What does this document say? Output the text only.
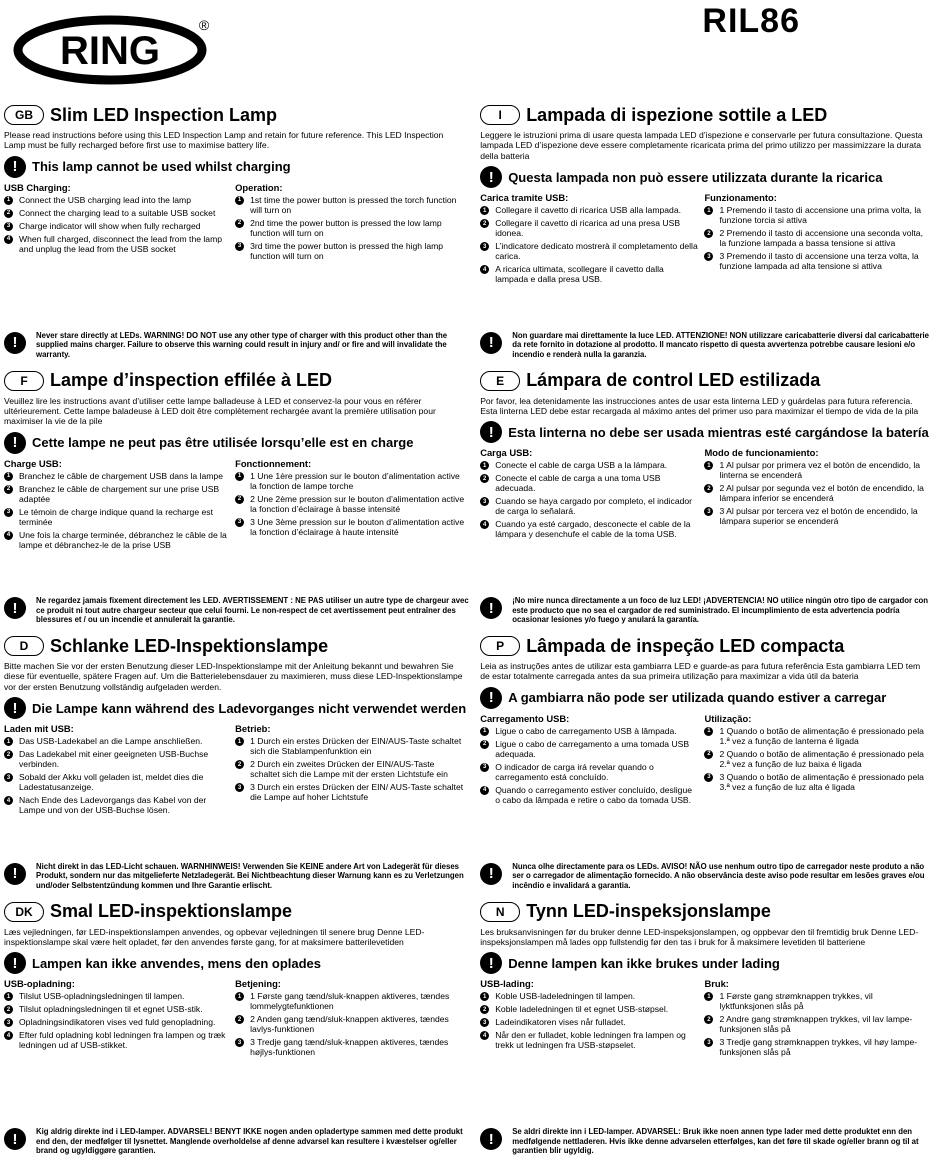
RING
®	RIL86
GB Slim LED Inspection Lamp
Please read instructions before using this LED Inspection Lamp and retain for future reference. This LED Inspection Lamp must be fully recharged before first use to maximise battery life.
!	This lamp cannot be used whilst charging
USB Charging:
1	Connect the USB charging lead into the lamp
2	Connect the charging lead to a suitable USB socket
3	Charge indicator will show when fully recharged
4	When full charged, disconnect the lead from the lamp and unplug the lead from the USB socket
Operation:
1	1st time the power button is pressed the torch function will turn on
2	2nd time the power button is pressed the low lamp function will turn on
3	3rd time the power button is pressed the high lamp function will turn on
!	Never stare directly at LEDs. WARNING! DO NOT use any other type of charger with this product other than the supplied mains charger. Failure to observe this warning could result in injury and/ or fire and will invalidate the warranty.
I	Lampada di ispezione sottile a LED
Leggere le istruzioni prima di usare questa lampada LED d’ispezione e conservarle per futura consultazione. Questa lampada LED d’ispezione deve essere completamente ricaricata prima del primo utilizzo per massimizzare la durata della batteria
!	Questa lampada non può essere utilizzata durante la ricarica
Carica tramite USB:
1	Collegare il cavetto di ricarica USB alla lampada.
2	Collegare il cavetto di ricarica ad una presa USB idonea.
3	L’indicatore dedicato mostrerà il completamento della carica.
4	A ricarica ultimata, scollegare il cavetto dalla lampada e dalla presa USB.
Funzionamento:
1	1 Premendo il tasto di accensione una prima volta, la funzione torcia si attiva
2	2 Premendo il tasto di accensione una seconda volta, la funzione lampada a bassa tensione si attiva
3	3 Premendo il tasto di accensione una terza volta, la funzione lampada ad alta tensione si attiva
!	Non guardare mai direttamente la luce LED. ATTENZIONE! NON utilizzare caricabatterie diversi dal caricabatterie da rete fornito in dotazione al prodotto. Il mancato rispetto di questa avvertenza potrebbe causare lesioni e/o incendio e renderà nulla la garanzia.
F	Lampe d’inspection effilée à LED
Veuillez lire les instructions avant d’utiliser cette lampe balladeuse à LED et conservez-la pour vous en référer ultérieurement. Cette lampe baladeuse à LED doit être complètement rechargée avant la première utilisation pour maximiser la vie de la pile
!	Cette lampe ne peut pas être utilisée lorsqu’elle est en charge
Charge USB:
1	Branchez le câble de chargement USB dans la lampe
2	Branchez le câble de chargement sur une prise USB adaptée
3	Le témoin de charge indique quand la recharge est terminée
4	Une fois la charge terminée, débranchez le câble de la lampe et débranchez-le de la prise USB
Fonctionnement:
1	1 Une 1ère pression sur le bouton d’alimentation active la fonction de lampe torche
2	2 Une 2ème pression sur le bouton d’alimentation active la fonction d’éclairage à basse intensité
3	3 Une 3ème pression sur le bouton d’alimentation active la fonction d’éclairage à haute intensité
!	Ne regardez jamais fixement directement les LED. AVERTISSEMENT : NE PAS utiliser un autre type de chargeur avec ce produit ni tout autre chargeur secteur que celui fourni. Le non-respect de cet avertissement peut entraîner des blessures et / ou un incendie et annulerait la garantie.
E	Lámpara de control LED estilizada
Por favor, lea detenidamente las instrucciones antes de usar esta linterna LED y guárdelas para futura referencia. Esta linterna LED debe estar recargada al máximo antes del primer uso para maximizar el tiempo de vida de la pila
!	Esta linterna no debe ser usada mientras esté cargándose la batería
Carga USB:
1	Conecte el cable de carga USB a la lámpara.
2	Conecte el cable de carga a una toma USB adecuada.
3	Cuando se haya cargado por completo, el indicador de carga lo señalará.
4	Cuando ya esté cargado, desconecte el cable de la lámpara y desenchufe el cable de la toma USB.
Modo de funcionamiento:
1	1 Al pulsar por primera vez el botón de encendido, la linterna se encenderá
2	2 Al pulsar por segunda vez el botón de encendido, la lámpara inferior se encenderá
3	3 Al pulsar por tercera vez el botón de encendido, la lámpara superior se encenderá
!	¡No mire nunca directamente a un foco de luz LED! ¡ADVERTENCIA! NO utilice ningún otro tipo de cargador con este producto que no sea el cargador de red suministrado. El incumplimiento de esta advertencia podría ocasionar lesiones y/o fuego y anulará la garantía.
D	Schlanke LED-Inspektionslampe
Bitte machen Sie vor der ersten Benutzung dieser LED-Inspektionslampe mit der Anleitung bekannt und bewahren Sie diese für eventuelle, spätere Fragen auf. Um die Batterielebensdauer zu maximieren, muss diese LED-Inspektionslampe vor der ersten Benutzung vollständig aufgeladen werden.
!	Die Lampe kann während des Ladevorganges nicht verwendet werden
Laden mit USB:
1	Das USB-Ladekabel an die Lampe anschließen.
2	Das Ladekabel mit einer geeigneten USB-Buchse verbinden.
3	Sobald der Akku voll geladen ist, meldet dies die Ladestatusanzeige.
4	Nach Ende des Ladevorgangs das Kabel von der Lampe und von der USB-Buchse lösen.
Betrieb:
1	1 Durch ein erstes Drücken der EIN/AUS-Taste schaltet sich die Stablampenfunktion ein
2	2 Durch ein zweites Drücken der EIN/AUS-Taste schaltet sich die Lampe mit der ersten Lichtstufe ein
3	3 Durch ein erstes Drücken der EIN/ AUS-Taste schaltet die Lampe auf hoher Lichtstufe
!	Nicht direkt in das LED-Licht schauen. WARNHINWEIS! Verwenden Sie KEINE andere Art von Ladegerät für dieses Produkt, sondern nur das mitgelieferte Netzladegerät. Bei Nichtbeachtung dieser Warnung kann es zu Verletzungen und/oder Selbstentzündung kommen und Ihre Garantie erlischt.
P	Lâmpada de inspeção LED compacta
Leia as instruções antes de utilizar esta gambiarra LED e guarde-as para futura referência Esta gambiarra LED tem de estar totalmente carregada antes da sua primeira utilização para maximizar a vida útil da bateria
!	A gambiarra não pode ser utilizada quando estiver a carregar
Carregamento USB:
1	Ligue o cabo de carregamento USB à lâmpada.
2	Ligue o cabo de carregamento a uma tomada USB adequada.
3	O indicador de carga irá revelar quando o carregamento está concluído.
4	Quando o carregamento estiver concluído, desligue o cabo da lâmpada e retire o cabo da tomada USB.
Utilização:
1	1 Quando o botão de alimentação é pressionado pela 1.ª vez a função de lanterna é ligada
2	2 Quando o botão de alimentação é pressionado pela 2.ª vez a função de luz baixa é ligada
3	3 Quando o botão de alimentação é pressionado pela 3.ª vez a função de luz alta é ligada
!	Nunca olhe directamente para os LEDs. AVISO! NÃO use nenhum outro tipo de carregador neste produto a não ser o carregador de alimentação fornecido. A não observância deste aviso pode resultar em lesões graves e/ou incêndio e invalidará a garantia.
DK Smal LED-inspektionslampe
Læs vejledningen, før LED-inspektionslampen anvendes, og opbevar vejledningen til senere brug Denne LED-inspektionslampe skal være helt opladet, før den anvendes første gang, for at maksimere batterilevetiden
!	Lampen kan ikke anvendes, mens den oplades
USB-opladning:
1	Tilslut USB-opladningsledningen til lampen.
2	Tilslut opladningsledningen til et egnet USB-stik.
3	Opladningsindikatoren vises ved fuld genopladning.
4	Efter fuld opladning kobl ledningen fra lampen og træk ledningen ud af USB-stikket.
Betjening:
1	1 Første gang tænd/sluk-knappen aktiveres, tændes lommelygtefunktionen
2	2 Anden gang tænd/sluk-knappen aktiveres, tændes lavlys-funktionen
3	3 Tredje gang tænd/sluk-knappen aktiveres, tændes højlys-funktionen
!	Kig aldrig direkte ind i LED-lamper. ADVARSEL! BENYT IKKE nogen anden opladertype sammen med dette produkt end den, der medfølger til lysnettet. Manglende overholdelse af denne advarsel kan resultere i kvæstelser og/eller brand og ugyldiggøre garantien.
N	Tynn LED-inspeksjonslampe
Les bruksanvisningen før du bruker denne LED-inspeksjonslampen, og oppbevar den til fremtidig bruk Denne LED-inspeksjonslampen må lades opp fullstendig før den tas i bruk for å maksimere levetiden til batteriene
!	Denne lampen kan ikke brukes under lading
USB-lading:
1	Koble USB-ladeledningen til lampen.
2	Koble ladeledningen til et egnet USB-støpsel.
3	Ladeindikatoren vises når fulladet.
4	Når den er fulladet, koble ledningen fra lampen og trekk ut ledningen fra USB-støpselet.
Bruk:
1	1 Første gang strømknappen trykkes, vil lyktfunksjonen slås på
2	2 Andre gang strømknappen trykkes, vil lav lampe-funksjonen slås på
3	3 Tredje gang strømknappen trykkes, vil høy lampe-funksjonen slås på
!	Se aldri direkte inn i LED-lamper. ADVARSEL: Bruk ikke noen annen type lader med dette produktet enn den medfølgende nettladeren. Hvis ikke denne advarselen etterfølges, kan det føre til skade og/eller brann og til at garantien blir ugyldig.
